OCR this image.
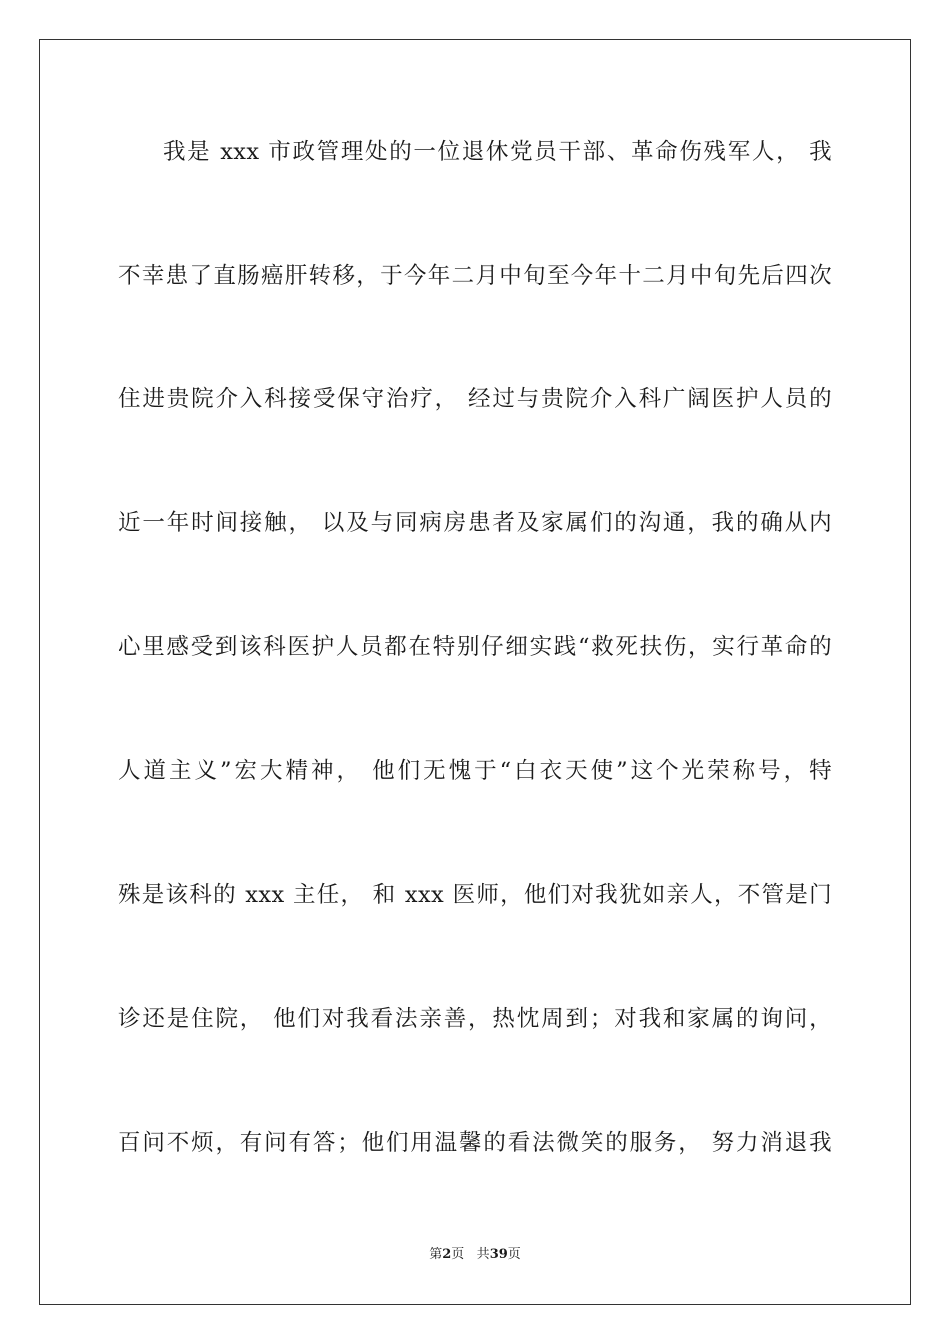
我是 xxx 市政管理处的一位退休党员干部、革命伤残军人， 我
不幸患了直肠癌肝转移，于今年二月中旬至今年十二月中旬先后四次
住进贵院介入科接受保守治疗， 经过与贵院介入科广阔医护人员的
近一年时间接触， 以及与同病房患者及家属们的沟通，我的确从内
心里感受到该科医护人员都在特别仔细实践“救死扶伤，实行革命的
人道主义”宏大精神， 他们无愧于“白衣天使”这个光荣称号，特
殊是该科的 xxx 主任， 和 xxx 医师，他们对我犹如亲人，不管是门
诊还是住院， 他们对我看法亲善，热忱周到；对我和家属的询问，
百问不烦，有问有答；他们用温馨的看法微笑的服务， 努力消退我
第2页 共39页
